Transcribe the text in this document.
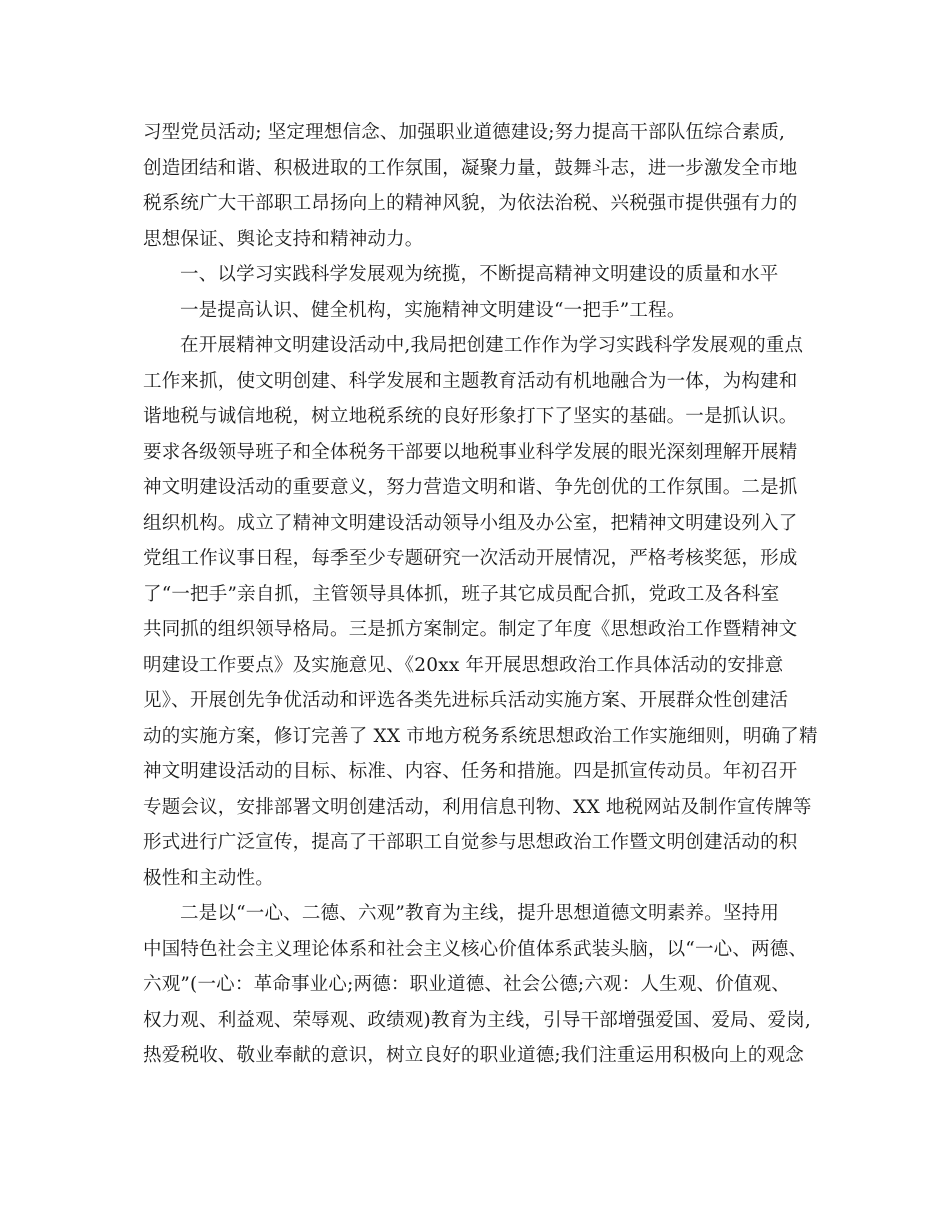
习型党员活动; 坚定理想信念、加强职业道德建设;努力提高干部队伍综合素质,
创造团结和谐、积极进取的工作氛围，凝聚力量，鼓舞斗志，进一步激发全市地
税系统广大干部职工昂扬向上的精神风貌，为依法治税、兴税强市提供强有力的
思想保证、舆论支持和精神动力。
一、以学习实践科学发展观为统揽，不断提高精神文明建设的质量和水平
一是提高认识、健全机构，实施精神文明建设“一把手”工程。
在开展精神文明建设活动中,我局把创建工作作为学习实践科学发展观的重点
工作来抓，使文明创建、科学发展和主题教育活动有机地融合为一体，为构建和
谐地税与诚信地税，树立地税系统的良好形象打下了坚实的基础。一是抓认识。
要求各级领导班子和全体税务干部要以地税事业科学发展的眼光深刻理解开展精
神文明建设活动的重要意义，努力营造文明和谐、争先创优的工作氛围。二是抓
组织机构。成立了精神文明建设活动领导小组及办公室，把精神文明建设列入了
党组工作议事日程，每季至少专题研究一次活动开展情况，严格考核奖惩，形成
了“一把手”亲自抓，主管领导具体抓，班子其它成员配合抓，党政工及各科室
共同抓的组织领导格局。三是抓方案制定。制定了年度《思想政治工作暨精神文
明建设工作要点》及实施意见、《20xx 年开展思想政治工作具体活动的安排意
见》、开展创先争优活动和评选各类先进标兵活动实施方案、开展群众性创建活
动的实施方案，修订完善了 XX 市地方税务系统思想政治工作实施细则，明确了精
神文明建设活动的目标、标准、内容、任务和措施。四是抓宣传动员。年初召开
专题会议，安排部署文明创建活动，利用信息刊物、XX 地税网站及制作宣传牌等
形式进行广泛宣传，提高了干部职工自觉参与思想政治工作暨文明创建活动的积
极性和主动性。
二是以“一心、二德、六观”教育为主线，提升思想道德文明素养。坚持用
中国特色社会主义理论体系和社会主义核心价值体系武装头脑，以“一心、两德、
六观”(一心：革命事业心;两德：职业道德、社会公德;六观：人生观、价值观、
权力观、利益观、荣辱观、政绩观)教育为主线，引导干部增强爱国、爱局、爱岗,
热爱税收、敬业奉献的意识，树立良好的职业道德;我们注重运用积极向上的观念
